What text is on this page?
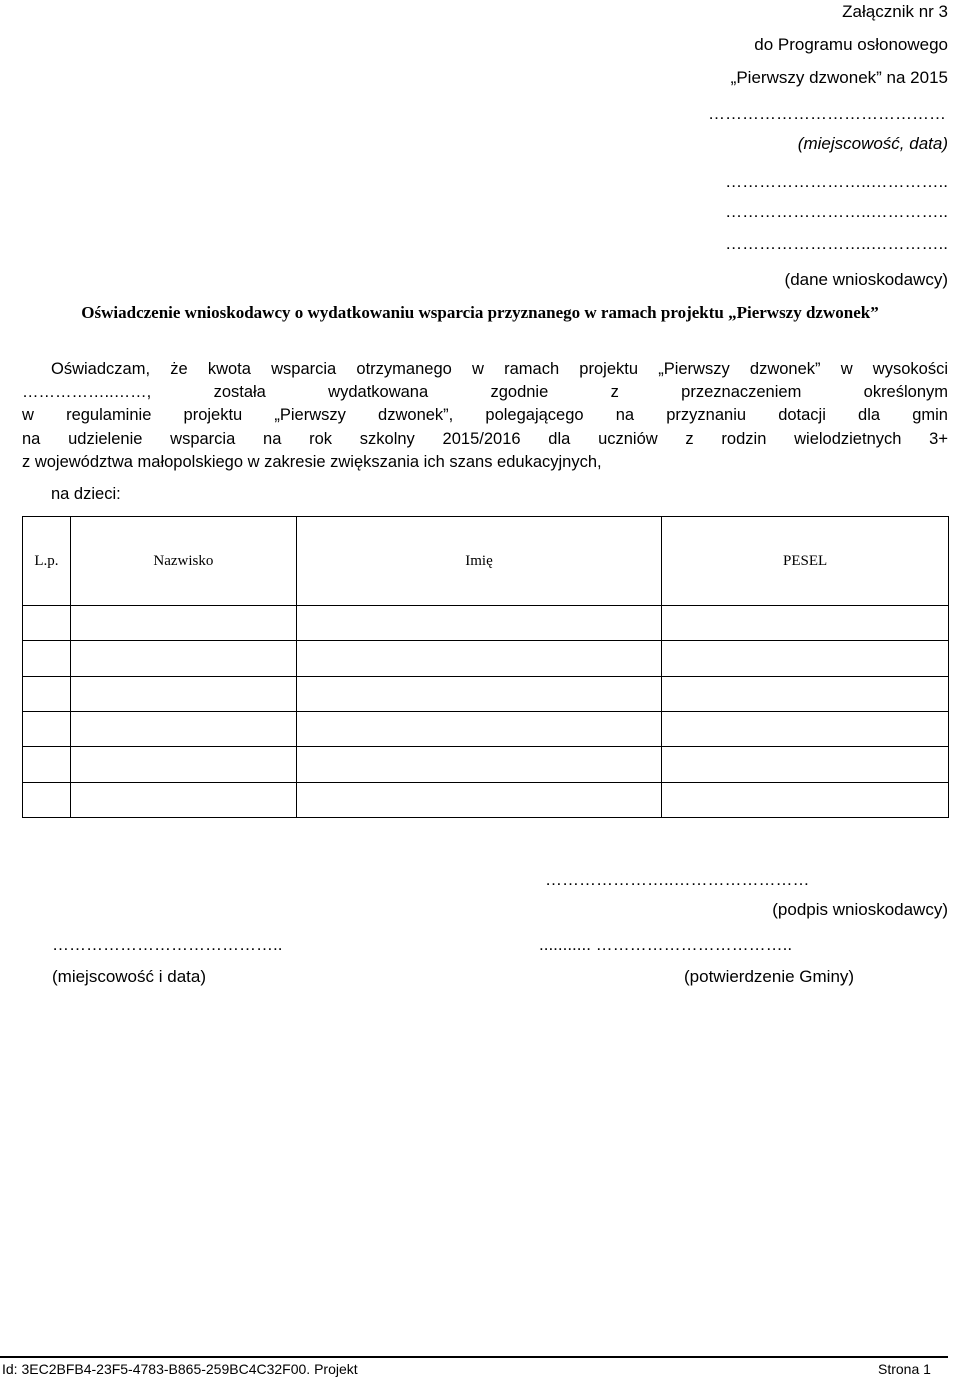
Załącznik nr 3
do Programu osłonowego
„Pierwszy dzwonek” na 2015
……………………………………
(miejscowość, data)
……………………..…………..
……………………..…………..
……………………..…………..
(dane wnioskodawcy)
Oświadczenie wnioskodawcy o wydatkowaniu wsparcia przyznanego w ramach projektu „Pierwszy dzwonek”
Oświadczam, że kwota wsparcia otrzymanego w ramach projektu „Pierwszy dzwonek” w wysokości
……………..……, została wydatkowana zgodnie z przeznaczeniem określonym
w regulaminie projektu „Pierwszy dzwonek”, polegającego na przyznaniu dotacji dla gmin
na udzielenie wsparcia na rok szkolny 2015/2016 dla uczniów z rodzin wielodzietnych 3+
z województwa małopolskiego w zakresie zwiększania ich szans edukacyjnych,
na dzieci:
L.p.	Nazwisko	Imię	PESEL

…………………..……………………
(podpis wnioskodawcy)
…………………………………..
(miejscowość i data)
........... ……………………………..
(potwierdzenie Gminy)
Id: 3EC2BFB4-23F5-4783-B865-259BC4C32F00. Projekt	Strona 1
